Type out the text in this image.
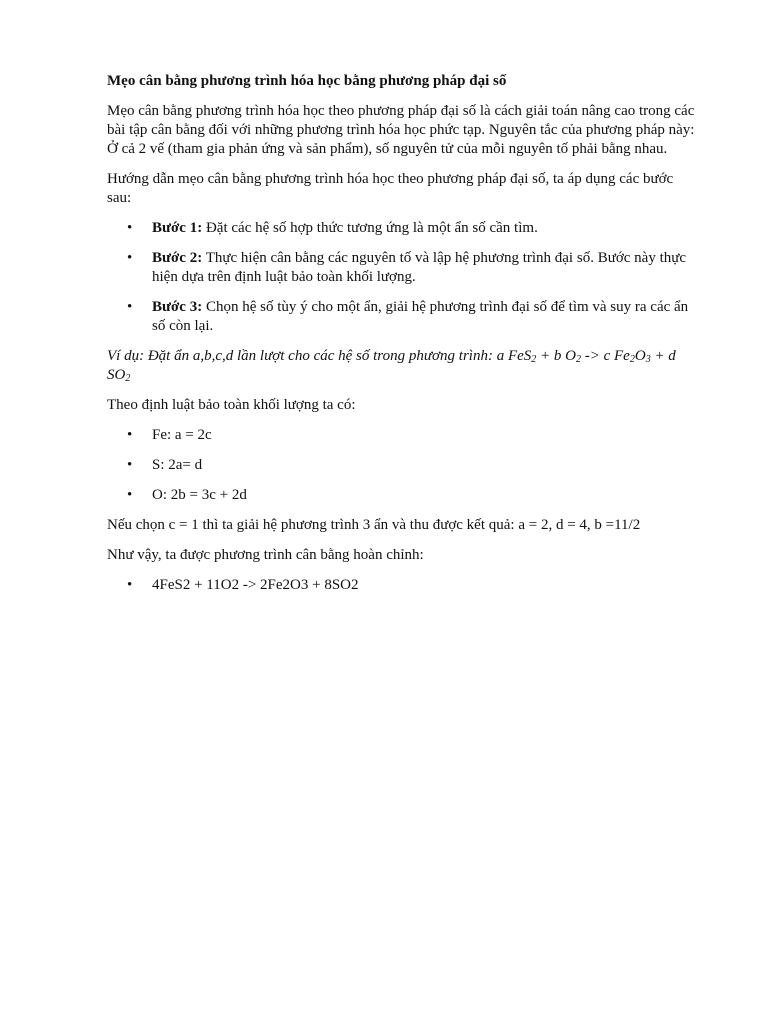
Mẹo cân bằng phương trình hóa học bằng phương pháp đại số

Mẹo cân bằng phương trình hóa học theo phương pháp đại số là cách giải toán nâng cao trong các bài tập cân bằng đối với những phương trình hóa học phức tạp. Nguyên tắc của phương pháp này: Ở cả 2 vế (tham gia phản ứng và sản phẩm), số nguyên tử của mỗi nguyên tố phải bằng nhau.

Hướng dẫn mẹo cân bằng phương trình hóa học theo phương pháp đại số, ta áp dụng các bước sau:

• Bước 1: Đặt các hệ số hợp thức tương ứng là một ẩn số cần tìm.
• Bước 2: Thực hiện cân bằng các nguyên tố và lập hệ phương trình đại số. Bước này thực hiện dựa trên định luật bảo toàn khối lượng.
• Bước 3: Chọn hệ số tùy ý cho một ẩn, giải hệ phương trình đại số để tìm và suy ra các ẩn số còn lại.

Ví dụ: Đặt ẩn a,b,c,d lần lượt cho các hệ số trong phương trình: a FeS$_2$ + b $O_2 -> c$ $Fe_2O_3 + d$ $SO_2$

Theo định luật bảo toàn khối lượng ta có:

• Fe: a = 2c
• S: 2a= d
• O: 2b = 3c + 2d

Nếu chọn c = 1 thì ta giải hệ phương trình 3 ẩn và thu được kết quả: a = 2, d = 4, b =11/2

Như vậy, ta được phương trình cân bằng hoàn chỉnh:

• 4FeS2 + 11O2 -> 2Fe2O3 + 8SO2
